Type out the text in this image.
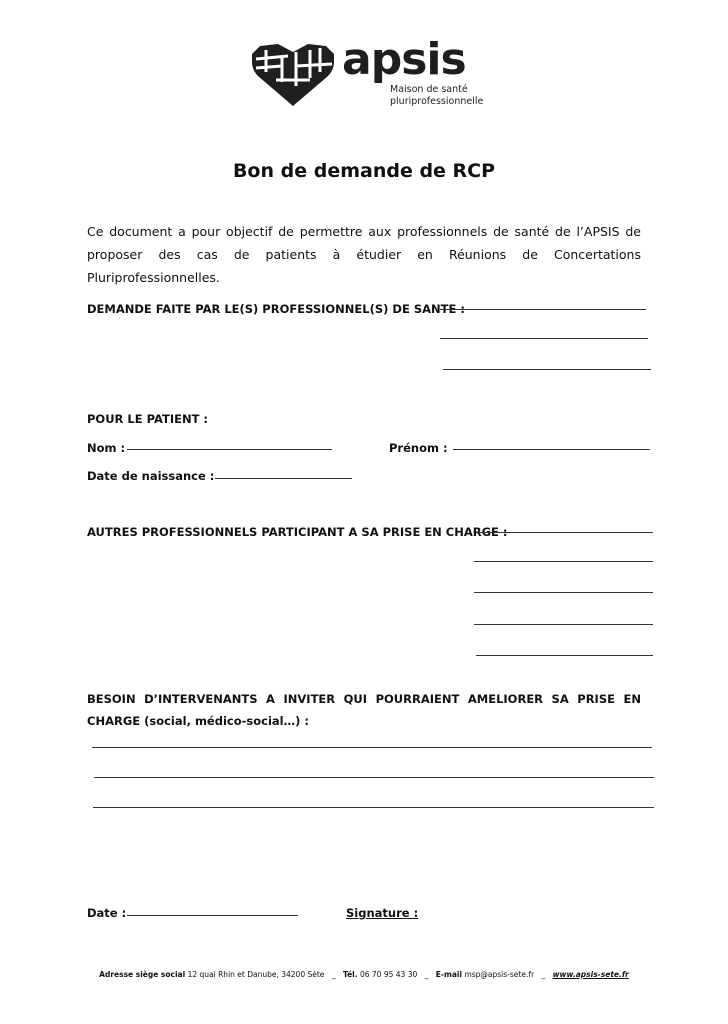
apsis
Maison de santé
pluriprofessionnelle
Bon de demande de RCP
Ce document a pour objectif de permettre aux professionnels de santé de l’APSIS de proposer des cas de patients à étudier en Réunions de Concertations Pluriprofessionnelles.
DEMANDE FAITE PAR LE(S) PROFESSIONNEL(S) DE SANTE :
POUR LE PATIENT :
Nom :	Prénom :
Date de naissance :
AUTRES PROFESSIONNELS PARTICIPANT A SA PRISE EN CHARGE :
BESOIN D’INTERVENANTS A INVITER QUI POURRAIENT AMELIORER SA PRISE EN CHARGE (social, médico-social…) :
Date :	Signature :
Adresse siège social 12 quai Rhin et Danube, 34200 Sète _ Tél. 06 70 95 43 30 _ E-mail msp@apsis-sete.fr _ www.apsis-sete.fr
